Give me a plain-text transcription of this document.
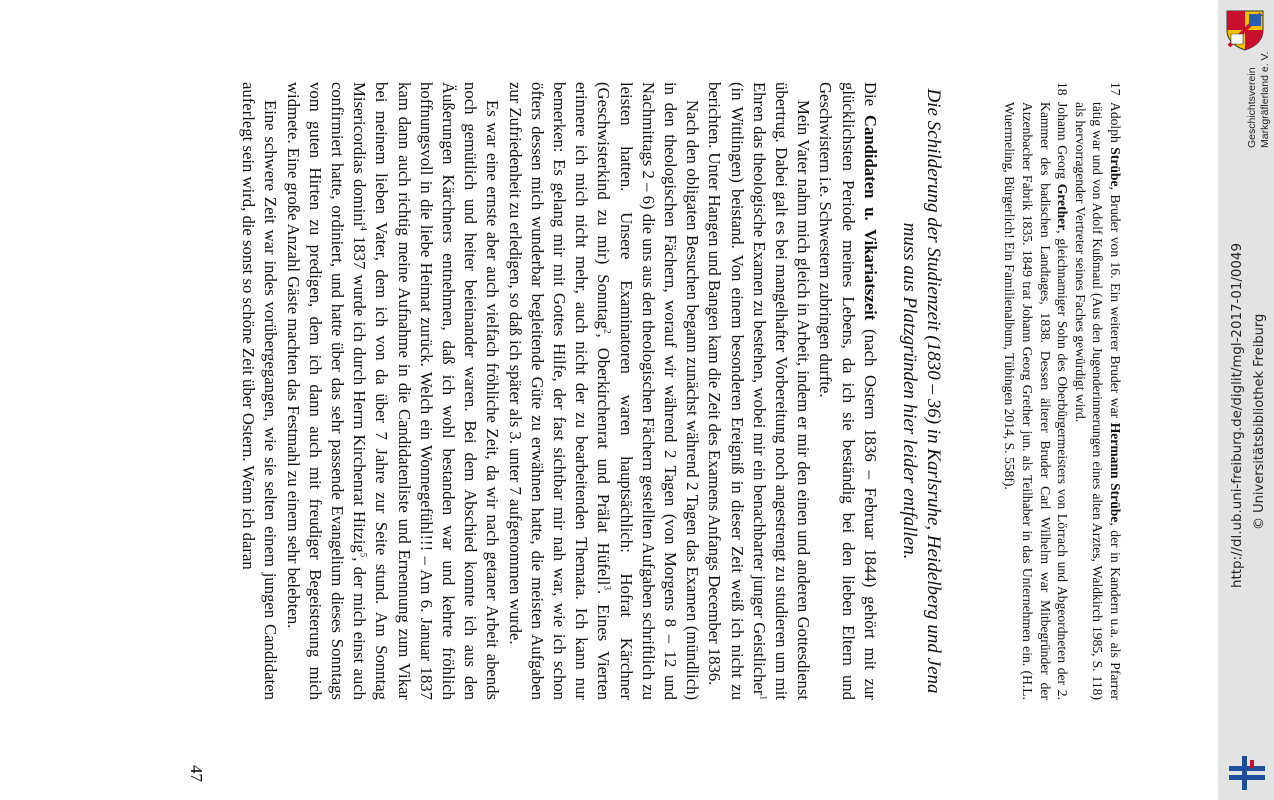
17
Adolph Strübe, Bruder von 16. Ein weiterer Bruder war Hermann Strübe, der in Kandern u.a. als Pfarrer tätig war und von Adolf Kußmaul (Aus den Jugenderinnerungen eines alten Arztes, Waldkirch 1985, S. 118) als hervorragender Vertreter seines Faches gewürdigt wird.
18
Johann Georg Grether, gleichnamiger Sohn des Oberbürgermeisters von Lörrach und Abgeordneten der 2. Kammer des badischen Landtages, 1838. Dessen älterer Bruder Carl Wilhelm war Mitbegründer der Atzenbacher Fabrik 1835. 1849 trat Johann Georg Grether jun. als Teilhaber in das Unternehmen ein. (H.L. Wuermeling, Bürgerlich! Ein Familienalbum, Tübingen 2014, S. 558f).
Die Schilderung der Studienzeit (1830 – 36) in Karlsruhe, Heidelberg und Jena
muss aus Platzgründen hier leider entfallen.

Die Candidaten u. Vikariatszeit (nach Ostern 1836 – Februar 1844) gehört mit zur glücklichsten Periode meines Lebens, da ich sie beständig bei den lieben Eltern und Geschwistern i.e. Schwestern zubringen durfte.

Mein Vater nahm mich gleich in Arbeit, indem er mir den einen und anderen Gottesdienst übertrug. Dabei galt es bei mangelhafter Vorbereitung noch angestrengt zu studieren um mit Ehren das theologische Examen zu bestehen, wobei mir ein benachbarter junger Geistlicher$^1$ (in Wittlingen) beistand. Von einem besonderen Ereigniß in dieser Zeit weiß ich nicht zu berichten. Unter Hangen und Bangen kam die Zeit des Examens Anfangs December 1836.

Nach den obligaten Besuchen begann zunächst während 2 Tagen das Examen (mündlich) in den theologischen Fächern, worauf wir während 2 Tagen (von Morgens 8 – 12 und Nachmittags 2 – 6) die uns aus den theologischen Fächern gestellten Aufgaben schriftlich zu leisten hatten. Unsere Examinatoren waren hauptsächlich: Hofrat Kärchner (Geschwisterkind zu mir) Sonntag$^2$, Oberkirchenrat und Prälat Hüfell$^3$. Eines Vierten erinnere ich mich nicht mehr, auch nicht der zu bearbeitenden Themata. Ich kann nur bemerken: Es gelang mir mit Gottes Hilfe, der fast sichtbar mir nah war, wie ich schon öfters dessen mich wunderbar begleitende Güte zu erwähnen hatte, die meisten Aufgaben zur Zufriedenheit zu erledigen, so daß ich später als 3. unter 7 aufgenommen wurde.

Es war eine ernste aber auch vielfach fröhliche Zeit, da wir nach getaner Arbeit abends noch gemütlich und heiter beieinander waren. Bei dem Abschied konnte ich aus den Äußerungen Kärchners entnehmen, daß ich wohl bestanden war und kehrte fröhlich hoffnungsvoll in die liebe Heimat zurück. Welch ein Wonnegefühl!!! – Am 6. Januar 1837 kam dann auch richtig meine Aufnahme in die Candidatenliste und Ernennung zum Vikar bei meinem lieben Vater, dem ich von da über 7 Jahre zur Seite stund. Am Sonntag Misericordias domini$^4$ 1837 wurde ich durch Herrn Kirchenrat Hitzig$^5$, der mich einst auch confirmiert hatte, ordiniert, und hatte über das sehr passende Evangelium dieses Sonntags vom guten Hirten zu predigen, dem ich dann auch mit freudiger Begeisterung mich widmete. Eine große Anzahl Gäste machten das Festmahl zu einem sehr belebten.

Eine schwere Zeit war indes vorübergegangen, wie sie selten einem jungen Candidaten auferlegt sein wird, die sonst so schöne Zeit über Ostern. Wenn ich daran

47
Geschichtsverein Markgräflerland e. V.
http://dl.ub.uni-freiburg.de/diglit/mgl-2017-01/0049 © Universitätsbibliothek Freiburg
